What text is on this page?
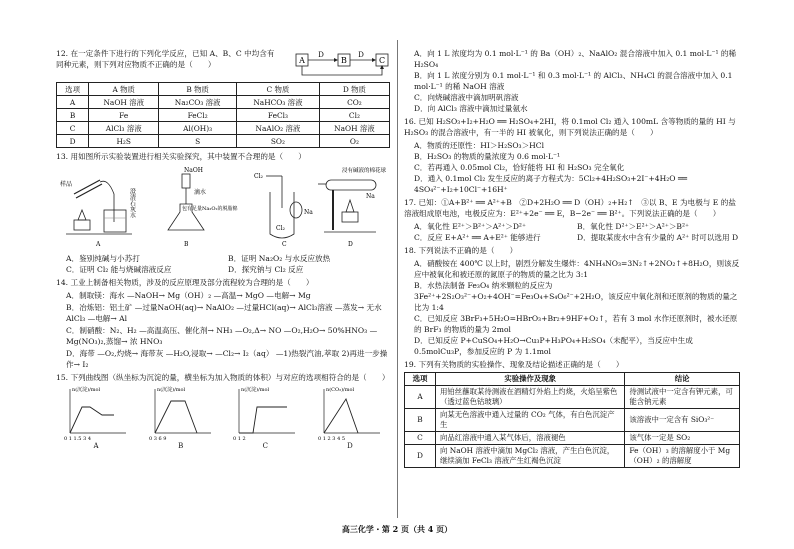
12. 在一定条件下进行的下列化学反应，已知 A、B、C 中均含有同种元素，则下列对应物质不正确的是（　　）	A
D
B
D
C
选项	A 物质	B 物质	C 物质	D 物质
A	NaOH 溶液	Na₂CO₃ 溶液	NaHCO₃ 溶液	CO₂
B	Fe	FeCl₂	FeCl₃	Cl₂
C	AlCl₃ 溶液	Al(OH)₃	NaAlO₂ 溶液	NaOH 溶液
D	H₂S	S	SO₂	O₂
13. 用如图所示实验装置进行相关实验探究，其中装置不合理的是（　　）
样品
澄清石灰水
NaOH
滴水
包有足量Na₂O₂的脱脂棉
Cl₂
Cl₂
Na
浸有碱液的棉花球
Na
A	B	C	D
A．鉴别纯碱与小苏打	B．证明 Na₂O₂ 与水反应放热
C．证明 Cl₂ 能与烧碱溶液反应	D．探究钠与 Cl₂ 反应
14. 工业上制备相关物质，涉及的反应原理及部分流程较为合理的是（　　）
A．制取镁：海水 —NaOH→ Mg（OH）₂ —高温→ MgO —电解→ Mg
B．冶炼铝：铝土矿 —过量NaOH(aq)→ NaAlO₂ —过量HCl(aq)→ AlCl₃溶液 —蒸发→ 无水 AlCl₃ —电解→ Al
C．制硝酸：N₂、H₂ —高温高压、催化剂→ NH₃ —O₂,Δ→ NO —O₂,H₂O→ 50%HNO₃ —Mg(NO₃)₂,蒸馏→ 浓 HNO₃
D．海带 —O₂,灼烧→ 海带灰 —H₂O,浸取→ —Cl₂→ I₂（aq） —1)热裂汽油,萃取 2)再进一步操作→ I₂
15. 下列曲线图（纵坐标为沉淀的量，横坐标为加入物质的体积）与对应的选项相符合的是（　　）
n(沉淀)/mol
0 1 1.5 3 4
A
n(沉淀)/mol
0 3 6 9
B
n(沉淀)/mol
0 1 2
C
n(CO₂)/mol
0 1 2 3 4 5
D
A．向 1 L 浓度均为 0.1 mol·L⁻¹ 的 Ba（OH）₂、NaAlO₂ 混合溶液中加入 0.1 mol·L⁻¹ 的稀 H₂SO₄
B．向 1 L 浓度分别为 0.1 mol·L⁻¹ 和 0.3 mol·L⁻¹ 的 AlCl₃、NH₄Cl 的混合溶液中加入 0.1 mol·L⁻¹ 的稀 NaOH 溶液
C．向烧碱溶液中滴加明矾溶液
D．向 AlCl₃ 溶液中滴加过量氨水
16. 已知 H₂SO₃+I₂+H₂O ══ H₂SO₄+2HI，将 0.1mol Cl₂ 通入 100mL 含等物质的量的 HI 与 H₂SO₃ 的混合溶液中，有一半的 HI 被氧化，则下列说法正确的是（　　）
A．物质的还原性：HI＞H₂SO₃＞HCl
B．H₂SO₃ 的物质的量浓度为 0.6 mol·L⁻¹
C．若再通入 0.05mol Cl₂，恰好能将 HI 和 H₂SO₃ 完全氧化
D．通入 0.1mol Cl₂ 发生反应的离子方程式为：5Cl₂+4H₂SO₃+2I⁻+4H₂O ══ 4SO₄²⁻+I₂+10Cl⁻+16H⁺
17. 已知：①A+B²⁺ ══ A²⁺+B　②D+2H₂O ══ D（OH）₂+H₂↑　③以 B、E 为电极与 E 的盐溶液组成原电池，电极反应为：E²⁺+2e⁻ ══ E，B−2e⁻ ══ B²⁺。下列说法正确的是（　　）
A．氧化性 E²⁺＞B²⁺＞A²⁺＞D²⁺	B．氧化性 D²⁺＞E²⁺＞A²⁺＞B²⁺
C．反应 E+A²⁺ ══ A+E²⁺ 能够进行	D．提取某废水中含有少量的 A²⁺ 时可以选用 D
18. 下列说法不正确的是（　　）
A．硝酸铵在 400℃ 以上时，剧烈分解发生爆炸：4NH₄NO₃=3N₂↑+2NO₂↑+8H₂O，则该反应中被氧化和被还原的氮原子的物质的量之比为 3:1
B．水热法制备 Fe₃O₄ 纳米颗粒的反应为 3Fe²⁺+2S₂O₃²⁻+O₂+4OH⁻=Fe₃O₄+S₄O₆²⁻+2H₂O，该反应中氧化剂和还原剂的物质的量之比为 1:4
C．已知反应 3BrF₃+5H₂O=HBrO₃+Br₂+9HF+O₂↑，若有 3 mol 水作还原剂时，被水还原的 BrF₃ 的物质的量为 2mol
D．已知反应 P+CuSO₄+H₂O→Cu₃P+H₃PO₄+H₂SO₄（未配平），当反应中生成 0.5molCu₃P，参加反应的 P 为 1.1mol
19. 下列有关物质的实验操作、现象及结论描述正确的是（　　）
选项	实验操作及现象	结论
A	用铂丝蘸取某待测液在酒精灯外焰上灼烧，火焰呈紫色（透过蓝色钴玻璃）	待测试液中一定含有钾元素，可能含钠元素
B	向某无色溶液中通入过量的 CO₂ 气体，有白色沉淀产生	该溶液中一定含有 SiO₃²⁻
C	向品红溶液中通入某气体后，溶液褪色	该气体一定是 SO₂
D	向 NaOH 溶液中滴加 MgCl₂ 溶液，产生白色沉淀，继续滴加 FeCl₃ 溶液产生红褐色沉淀	Fe（OH）₃ 的溶解度小于 Mg（OH）₂ 的溶解度
高三化学・第 2 页（共 4 页）
